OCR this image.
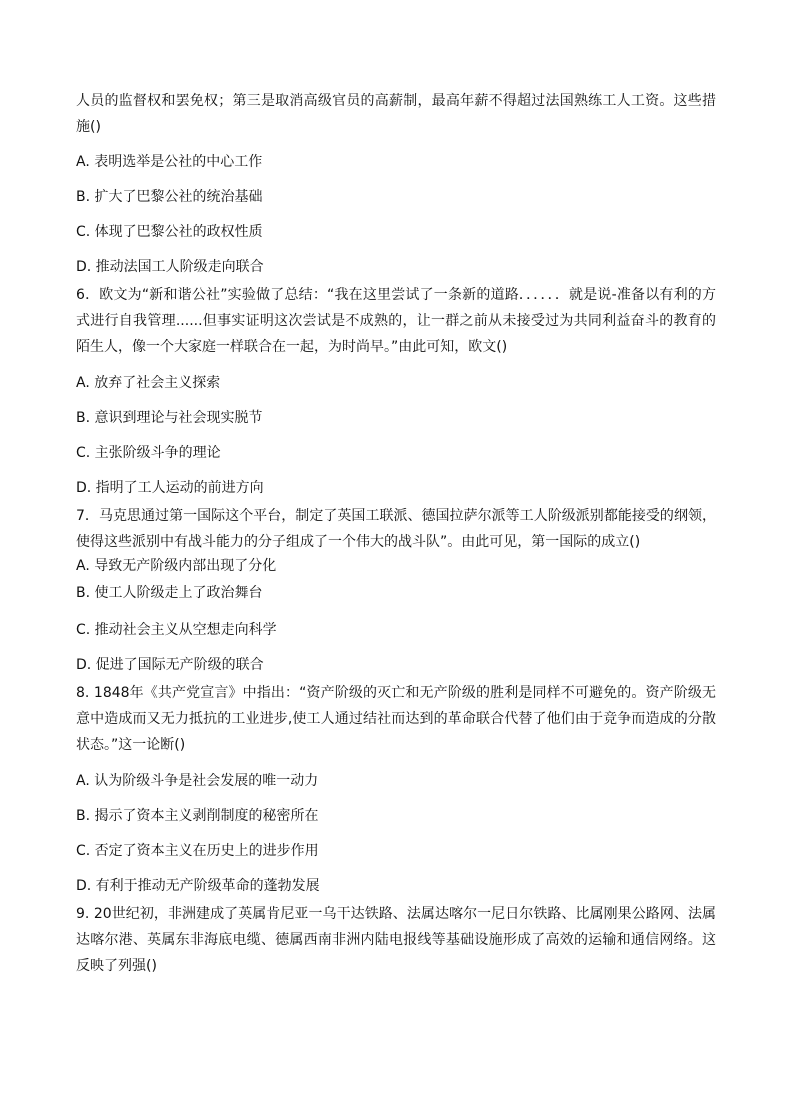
人员的监督权和罢免权；第三是取消高级官员的高薪制，最高年薪不得超过法国熟练工人工资。这些措施()

A. 表明选举是公社的中心工作

B. 扩大了巴黎公社的统治基础

C. 体现了巴黎公社的政权性质

D. 推动法国工人阶级走向联合

6．欧文为“新和谐公社”实验做了总结：“我在这里尝试了一条新的道路．．．．．．就是说-准备以有利的方式进行自我管理......但事实证明这次尝试是不成熟的，让一群之前从未接受过为共同利益奋斗的教育的陌生人，像一个大家庭一样联合在一起，为时尚早。”由此可知，欧文()

A. 放弃了社会主义探索

B. 意识到理论与社会现实脱节

C. 主张阶级斗争的理论

D. 指明了工人运动的前进方向

7．马克思通过第一国际这个平台，制定了英国工联派、德国拉萨尔派等工人阶级派别都能接受的纲领，使得这些派别中有战斗能力的分子组成了一个伟大的战斗队”。由此可见，第一国际的成立()

A. 导致无产阶级内部出现了分化

B. 使工人阶级走上了政治舞台

C. 推动社会主义从空想走向科学

D. 促进了国际无产阶级的联合

8. 1848年《共产党宣言》中指出：“资产阶级的灭亡和无产阶级的胜利是同样不可避免的。资产阶级无意中造成而又无力抵抗的工业进步,使工人通过结社而达到的革命联合代替了他们由于竞争而造成的分散状态。”这一论断()

A. 认为阶级斗争是社会发展的唯一动力

B. 揭示了资本主义剥削制度的秘密所在

C. 否定了资本主义在历史上的进步作用

D. 有利于推动无产阶级革命的蓬勃发展

9. 20世纪初，非洲建成了英属肯尼亚一乌干达铁路、法属达喀尔一尼日尔铁路、比属刚果公路网、法属达喀尔港、英属东非海底电缆、德属西南非洲内陆电报线等基础设施形成了高效的运输和通信网络。这反映了列强()
